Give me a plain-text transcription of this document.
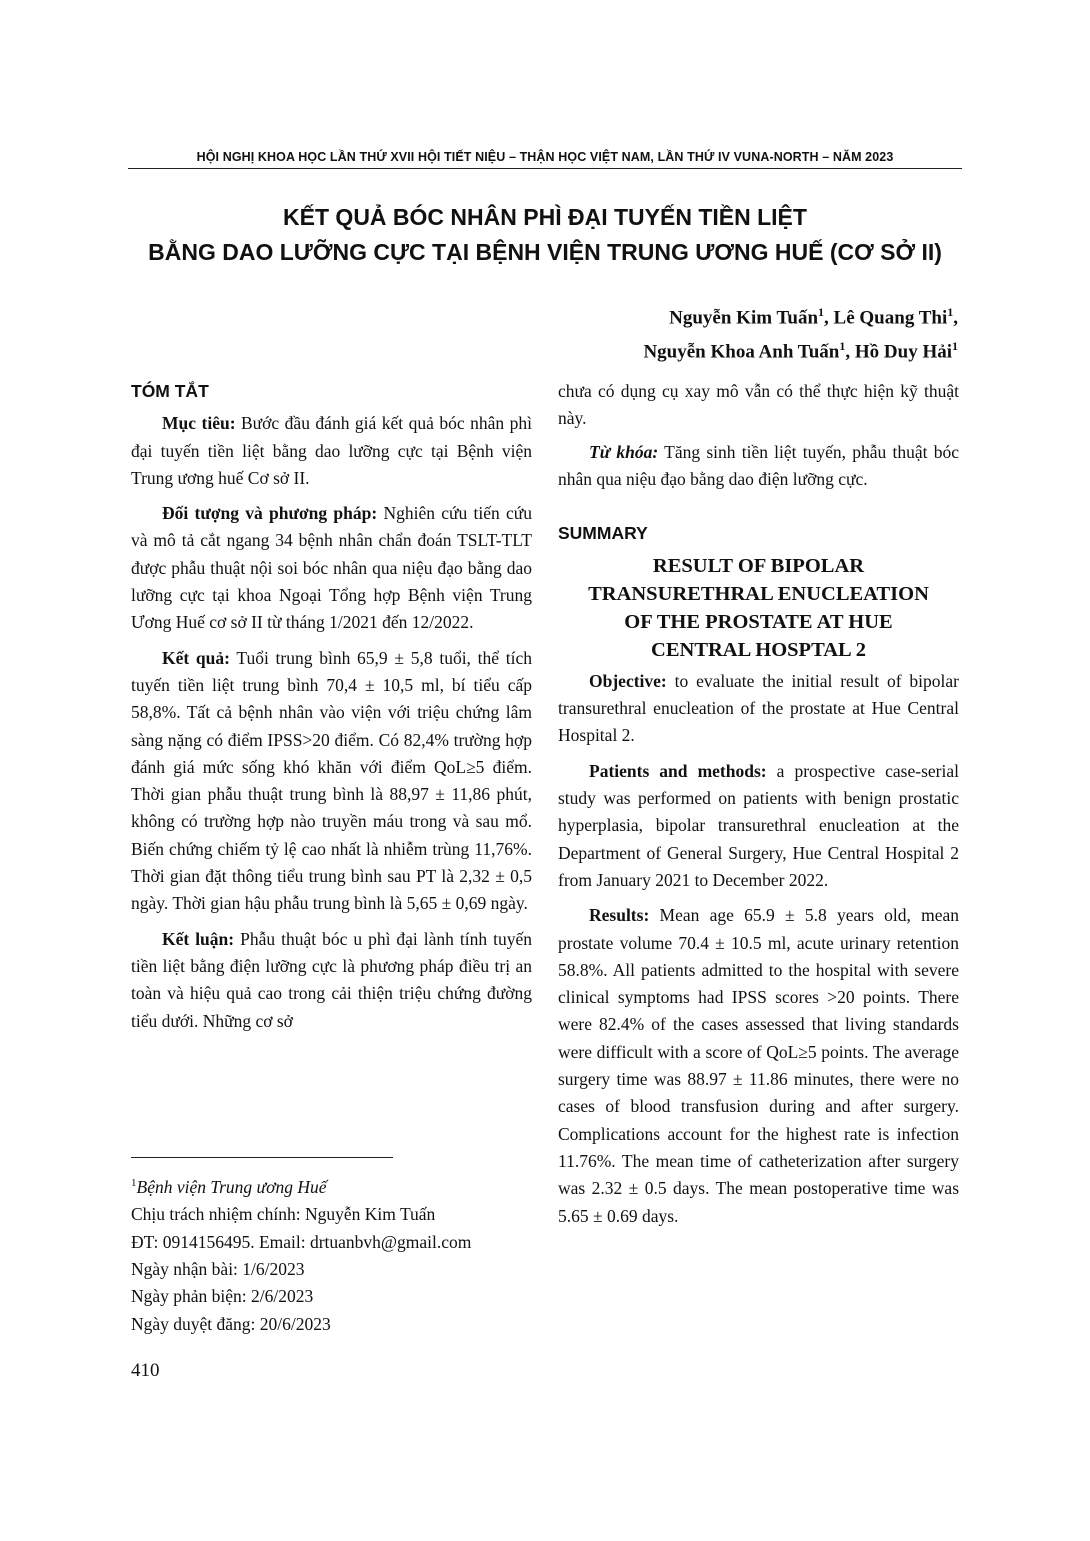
HỘI NGHỊ KHOA HỌC LẦN THỨ XVII HỘI TIẾT NIỆU – THẬN HỌC VIỆT NAM, LẦN THỨ IV VUNA-NORTH – NĂM 2023
KẾT QUẢ BÓC NHÂN PHÌ ĐẠI TUYẾN TIỀN LIỆT
BẰNG DAO LƯỠNG CỰC TẠI BỆNH VIỆN TRUNG ƯƠNG HUẾ (CƠ SỞ II)
Nguyễn Kim Tuấn$^1$, Lê Quang Thi$^1$,
Nguyễn Khoa Anh Tuấn$^1$, Hồ Duy Hải$^1$
TÓM TẮT

Mục tiêu: Bước đầu đánh giá kết quả bóc nhân phì đại tuyến tiền liệt bằng dao lưỡng cực tại Bệnh viện Trung ương huế Cơ sở II.

Đối tượng và phương pháp: Nghiên cứu tiến cứu và mô tả cắt ngang 34 bệnh nhân chẩn đoán TSLT-TLT được phẫu thuật nội soi bóc nhân qua niệu đạo bằng dao lưỡng cực tại khoa Ngoại Tổng hợp Bệnh viện Trung Ương Huế cơ sở II từ tháng 1/2021 đến 12/2022.

Kết quả: Tuổi trung bình 65,9 ± 5,8 tuổi, thể tích tuyến tiền liệt trung bình 70,4 ± 10,5 ml, bí tiểu cấp 58,8%. Tất cả bệnh nhân vào viện với triệu chứng lâm sàng nặng có điểm IPSS>20 điểm. Có 82,4% trường hợp đánh giá mức sống khó khăn với điểm QoL≥5 điểm. Thời gian phẫu thuật trung bình là 88,97 ± 11,86 phút, không có trường hợp nào truyền máu trong và sau mổ. Biến chứng chiếm tỷ lệ cao nhất là nhiễm trùng 11,76%. Thời gian đặt thông tiểu trung bình sau PT là 2,32 ± 0,5 ngày. Thời gian hậu phẫu trung bình là 5,65 ± 0,69 ngày.

Kết luận: Phẫu thuật bóc u phì đại lành tính tuyến tiền liệt bằng điện lưỡng cực là phương pháp điều trị an toàn và hiệu quả cao trong cải thiện triệu chứng đường tiểu dưới. Những cơ sở

chưa có dụng cụ xay mô vẫn có thể thực hiện kỹ thuật này.

Từ khóa: Tăng sinh tiền liệt tuyến, phẫu thuật bóc nhân qua niệu đạo bằng dao điện lưỡng cực.

SUMMARY
RESULT OF BIPOLAR
TRANSURETHRAL ENUCLEATION
OF THE PROSTATE AT HUE
CENTRAL HOSPTAL 2

Objective: to evaluate the initial result of bipolar transurethral enucleation of the prostate at Hue Central Hospital 2.

Patients and methods: a prospective case-serial study was performed on patients with benign prostatic hyperplasia, bipolar transurethral enucleation at the Department of General Surgery, Hue Central Hospital 2 from January 2021 to December 2022.

Results: Mean age 65.9 ± 5.8 years old, mean prostate volume 70.4 ± 10.5 ml, acute urinary retention 58.8%. All patients admitted to the hospital with severe clinical symptoms had IPSS scores >20 points. There were 82.4% of the cases assessed that living standards were difficult with a score of QoL≥5 points. The average surgery time was 88.97 ± 11.86 minutes, there were no cases of blood transfusion during and after surgery. Complications account for the highest rate is infection 11.76%. The mean time of catheterization after surgery was 2.32 ± 0.5 days. The mean postoperative time was 5.65 ± 0.69 days.

$^1$Bệnh viện Trung ương Huế
Chịu trách nhiệm chính: Nguyễn Kim Tuấn
ĐT: 0914156495. Email: drtuanbvh@gmail.com
Ngày nhận bài: 1/6/2023
Ngày phản biện: 2/6/2023
Ngày duyệt đăng: 20/6/2023
410
